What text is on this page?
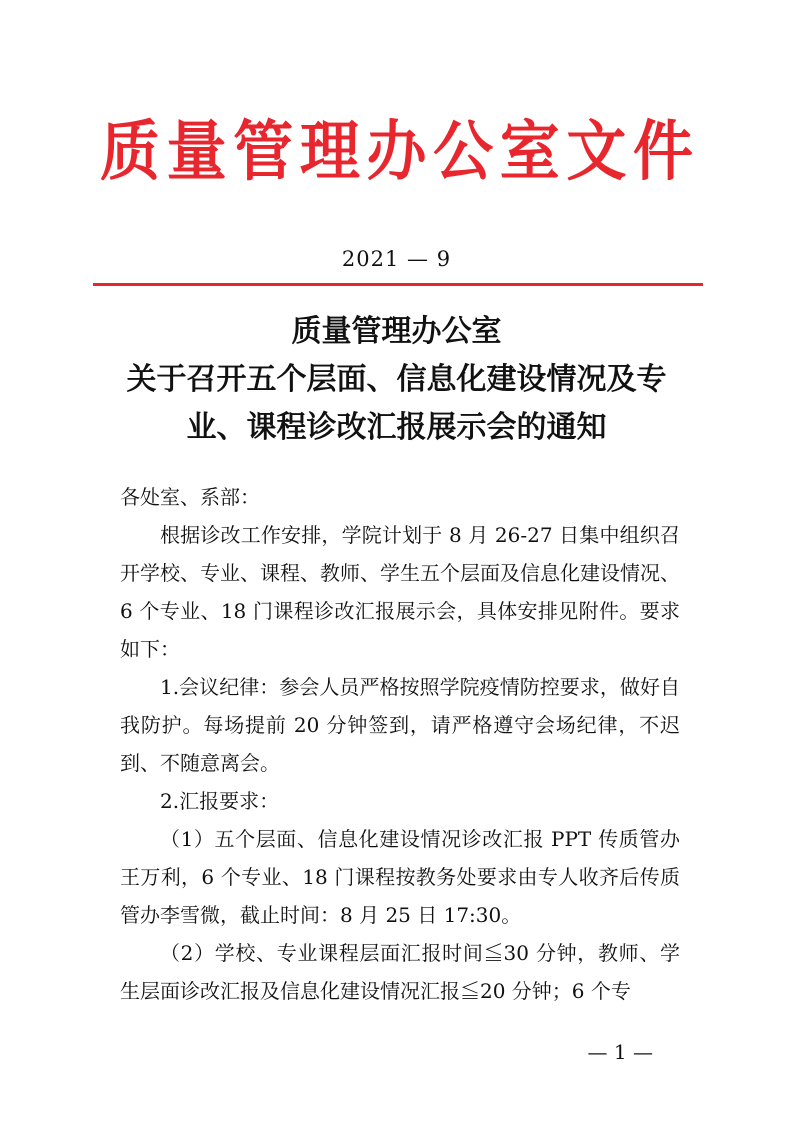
质 量 管 理 办 公 室 文 件
2021 — 9
质量管理办公室
关于召开五个层面、信息化建设情况及专
业、课程诊改汇报展示会的通知

各处室、系部：

根据诊改工作安排，学院计划于 8 月 26-27 日集中组织召开学校、专业、课程、教师、学生五个层面及信息化建设情况、6 个专业、18 门课程诊改汇报展示会，具体安排见附件。要求如下：

1.会议纪律：参会人员严格按照学院疫情防控要求，做好自我防护。每场提前 20 分钟签到，请严格遵守会场纪律，不迟到、不随意离会。

2.汇报要求：

（1）五个层面、信息化建设情况诊改汇报 PPT 传质管办王万利，6 个专业、18 门课程按教务处要求由专人收齐后传质管办李雪微，截止时间：8 月 25 日 17:30。

（2）学校、专业课程层面汇报时间≦30 分钟，教师、学生层面诊改汇报及信息化建设情况汇报≦20 分钟；6 个专

— 1 —
